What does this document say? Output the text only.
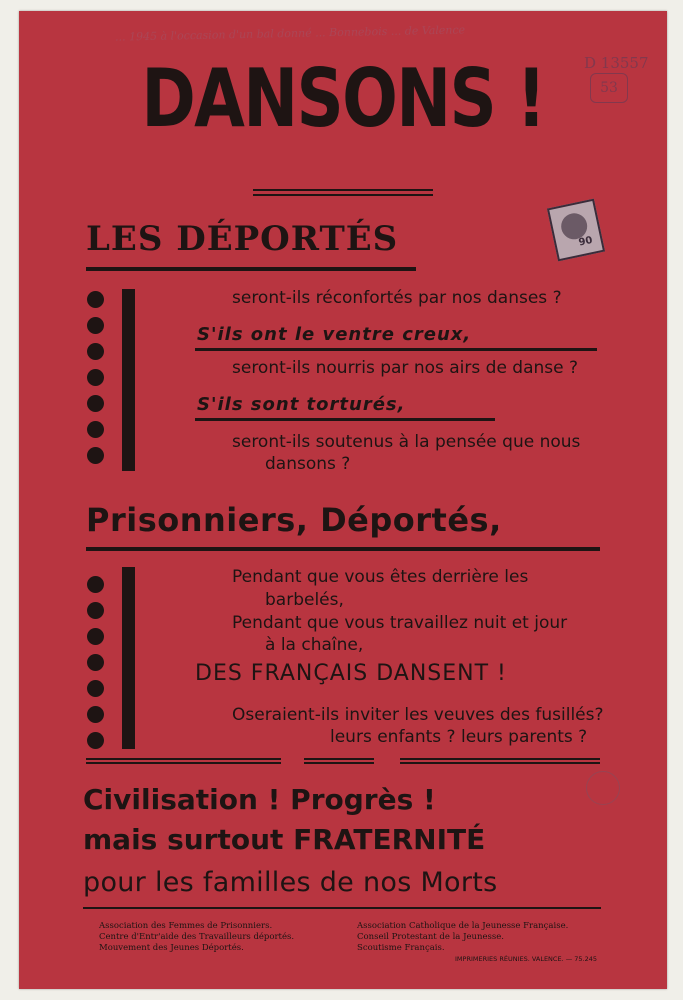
... 1945 à l'occasion d'un bal donné ... Bonnebois ... de Valence
D 13557
53
DANSONS !
90
LES DÉPORTÉS
seront-ils réconfortés par nos danses ?
S'ils ont le ventre creux,
seront-ils nourris par nos airs de danse ?
S'ils sont torturés,
seront-ils soutenus à la pensée que nous
dansons ?
Prisonniers, Déportés,
Pendant que vous êtes derrière les
barbelés,
Pendant que vous travaillez nuit et jour
à la chaîne,
DES FRANÇAIS DANSENT !
Oseraient-ils inviter les veuves des fusillés?
leurs enfants ? leurs parents ?
Civilisation ! Progrès !
mais surtout FRATERNITÉ
pour les familles de nos Morts
Association des Femmes de Prisonniers.
Centre d'Entr'aide des Travailleurs déportés.
Mouvement des Jeunes Déportés.
Association Catholique de la Jeunesse Française.
Conseil Protestant de la Jeunesse.
Scoutisme Français.
IMPRIMERIES RÉUNIES. VALENCE. — 75.245
